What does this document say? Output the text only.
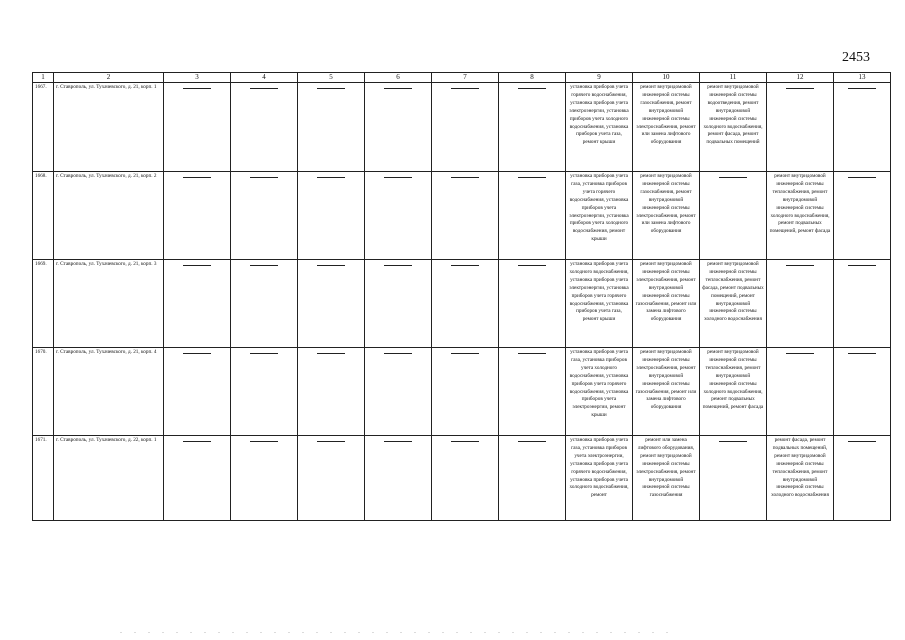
2453
1	2	3	4	5	6	7	8	9	10	11	12	13
1667.	г. Ставрополь, ул. Тухачевского, д. 21, корп. 1							установка приборов учета горячего водоснабжения, установка приборов учета электроэнергии, установка приборов учета холодного водоснабжения, установка приборов учета газа, ремонт крыши	ремонт внутридомовой инженерной системы газоснабжения, ремонт внутридомовой инженерной системы электроснабжения, ремонт или замена лифтового оборудования	ремонт внутридомовой инженерной системы водоотведения, ремонт внутридомовой инженерной системы холодного водоснабжения, ремонт фасада, ремонт подвальных помещений	

1668.	г. Ставрополь, ул. Тухачевского, д. 21, корп. 2							установка приборов учета газа, установка приборов учета горячего водоснабжения, установка приборов учета электроэнергии, установка приборов учета холодного водоснабжения, ремонт крыши	ремонт внутридомовой инженерной системы газоснабжения, ремонт внутридомовой инженерной системы электроснабжения, ремонт или замена лифтового оборудования		ремонт внутридомовой инженерной системы теплоснабжения, ремонт внутридомовой инженерной системы холодного водоснабжения, ремонт подвальных помещений, ремонт фасада	

1669.	г. Ставрополь, ул. Тухачевского, д. 21, корп. 3							установка приборов учета холодного водоснабжения, установка приборов учета электроэнергии, установка приборов учета горячего водоснабжения, установка приборов учета газа, ремонт крыши	ремонт внутридомовой инженерной системы электроснабжения, ремонт внутридомовой инженерной системы газоснабжения, ремонт или замена лифтового оборудования	ремонт внутридомовой инженерной системы теплоснабжения, ремонт фасада, ремонт подвальных помещений, ремонт внутридомовой инженерной системы холодного водоснабжения	

1670.	г. Ставрополь, ул. Тухачевского, д. 21, корп. 4							установка приборов учета газа, установка приборов учета холодного водоснабжения, установка приборов учета горячего водоснабжения, установка приборов учета электроэнергии, ремонт крыши	ремонт внутридомовой инженерной системы электроснабжения, ремонт внутридомовой инженерной системы газоснабжения, ремонт или замена лифтового оборудования	ремонт внутридомовой инженерной системы теплоснабжения, ремонт внутридомовой инженерной системы холодного водоснабжения, ремонт подвальных помещений, ремонт фасада	

1671.	г. Ставрополь, ул. Тухачевского, д. 22, корп. 1							установка приборов учета газа, установка приборов учета электроэнергии, установка приборов учета горячего водоснабжения, установка приборов учета холодного водоснабжения, ремонт	ремонт или замена лифтового оборудования, ремонт внутридомовой инженерной системы электроснабжения, ремонт внутридомовой инженерной системы газоснабжения		ремонт фасада, ремонт подвальных помещений, ремонт внутридомовой инженерной системы теплоснабжения, ремонт внутридомовой инженерной системы холодного водоснабжения	
